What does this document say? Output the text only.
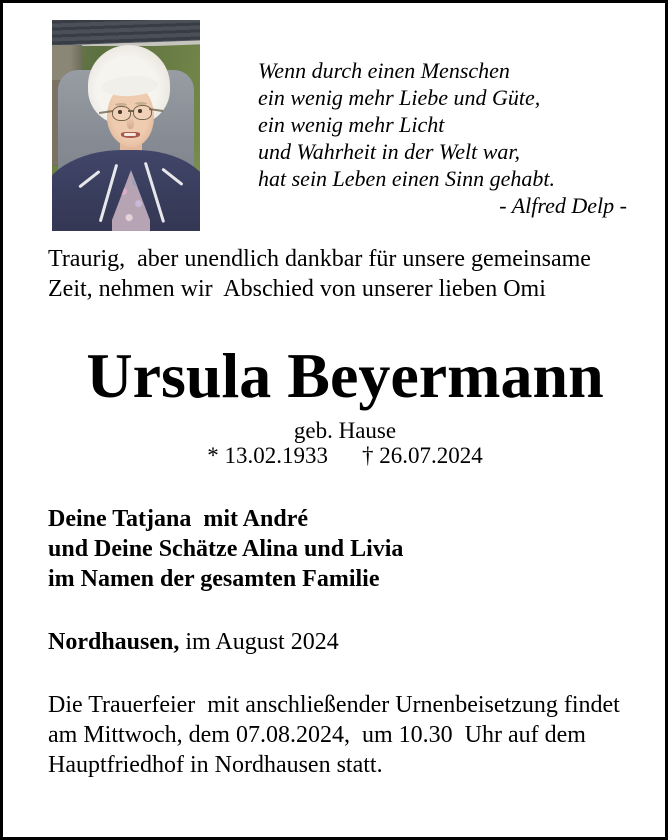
Wenn durch einen Menschen
ein wenig mehr Liebe und Güte,
ein wenig mehr Licht
und Wahrheit in der Welt war,
hat sein Leben einen Sinn gehabt.
- Alfred Delp -
Traurig,  aber unendlich dankbar für unsere gemeinsame
Zeit, nehmen wir  Abschied von unserer lieben Omi
Ursula Beyermann
geb. Hause
* 13.02.1933 † 26.07.2024
Deine Tatjana  mit André
und Deine Schätze Alina und Livia
im Namen der gesamten Familie
Nordhausen, im August 2024
Die Trauerfeier  mit anschließender Urnenbeisetzung findet
am Mittwoch, dem 07.08.2024,  um 10.30  Uhr auf dem
Hauptfriedhof in Nordhausen statt.
